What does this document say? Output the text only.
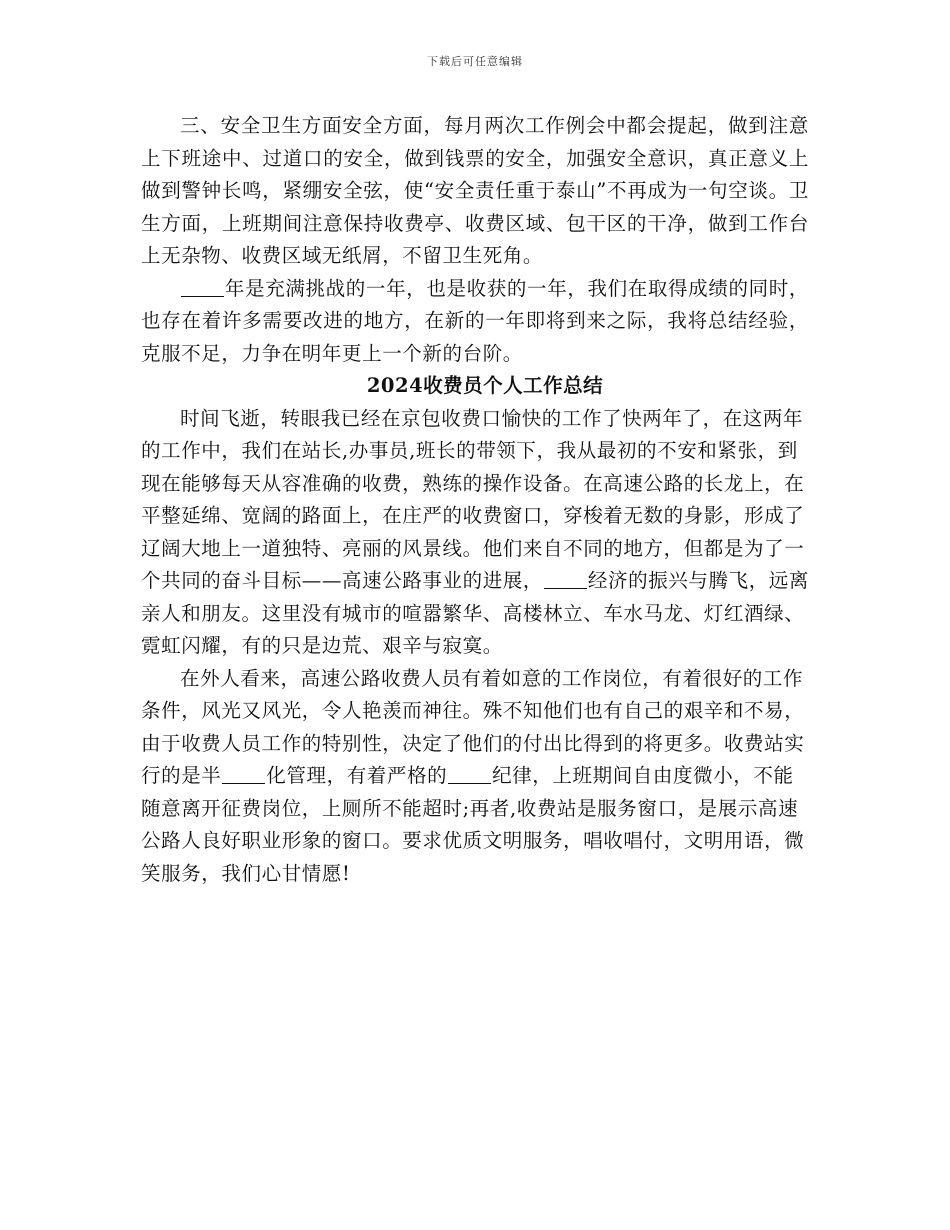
下载后可任意编辑

三、安全卫生方面安全方面，每月两次工作例会中都会提起，做到注意上下班途中、过道口的安全，做到钱票的安全，加强安全意识，真正意义上做到警钟长鸣，紧绷安全弦，使“安全责任重于泰山”不再成为一句空谈。卫生方面，上班期间注意保持收费亭、收费区域、包干区的干净，做到工作台上无杂物、收费区域无纸屑，不留卫生死角。

年是充满挑战的一年，也是收获的一年，我们在取得成绩的同时，也存在着许多需要改进的地方，在新的一年即将到来之际，我将总结经验，克服不足，力争在明年更上一个新的台阶。

2024收费员个人工作总结

时间飞逝，转眼我已经在京包收费口愉快的工作了快两年了，在这两年的工作中，我们在站长,办事员,班长的带领下，我从最初的不安和紧张，到现在能够每天从容准确的收费，熟练的操作设备。在高速公路的长龙上，在平整延绵、宽阔的路面上，在庄严的收费窗口，穿梭着无数的身影，形成了辽阔大地上一道独特、亮丽的风景线。他们来自不同的地方，但都是为了一个共同的奋斗目标——高速公路事业的进展， 经济的振兴与腾飞，远离亲人和朋友。这里没有城市的喧嚣繁华、高楼林立、车水马龙、灯红酒绿、霓虹闪耀，有的只是边荒、艰辛与寂寞。

在外人看来，高速公路收费人员有着如意的工作岗位，有着很好的工作条件，风光又风光，令人艳羡而神往。殊不知他们也有自己的艰辛和不易，由于收费人员工作的特别性，决定了他们的付出比得到的将更多。收费站实行的是半 化管理，有着严格的 纪律，上班期间自由度微小，不能随意离开征费岗位，上厕所不能超时;再者,收费站是服务窗口，是展示高速公路人良好职业形象的窗口。要求优质文明服务，唱收唱付，文明用语，微笑服务，我们心甘情愿!
